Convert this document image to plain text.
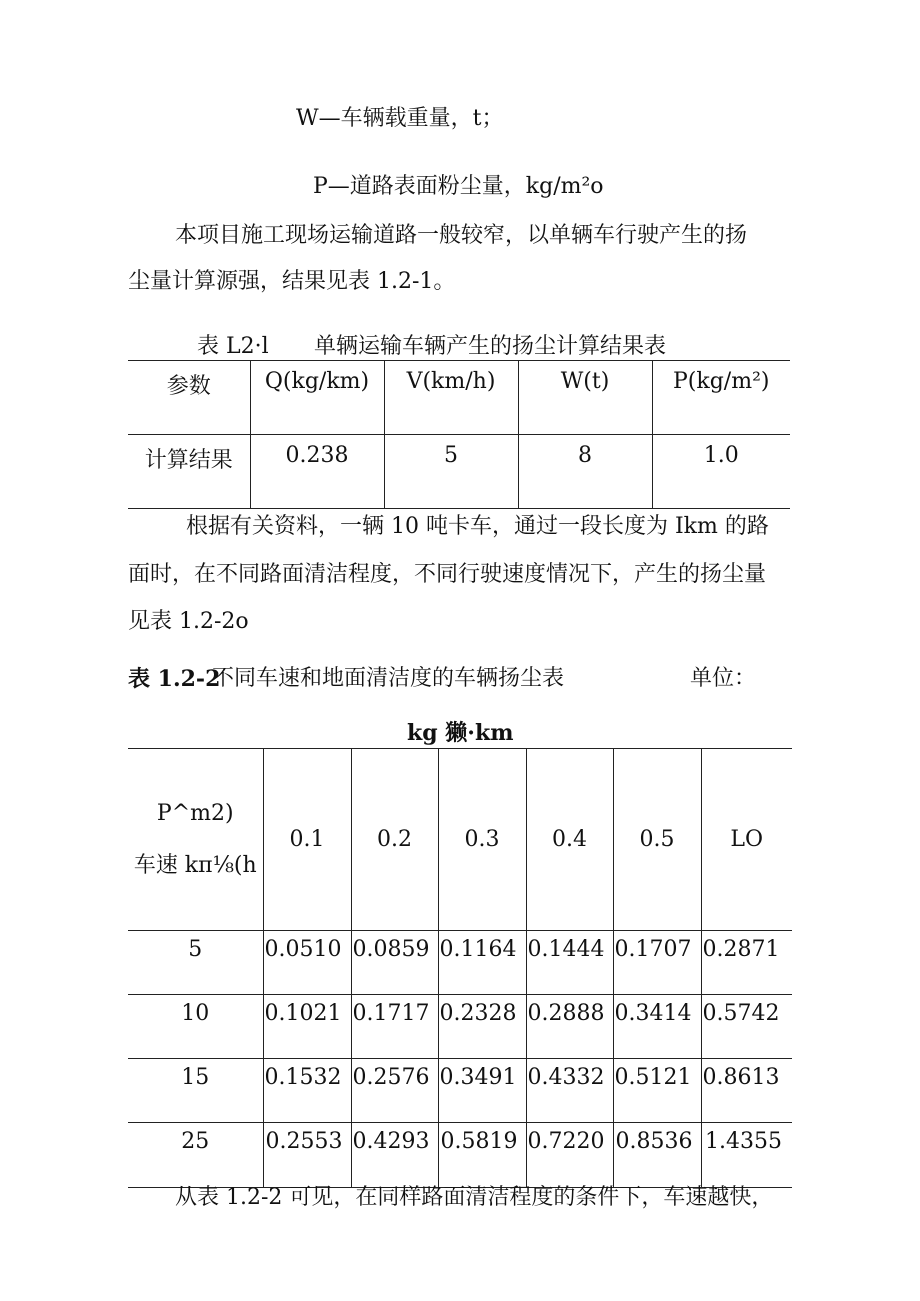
W—车辆载重量，t；
P—道路表面粉尘量，kg/m²o
本项目施工现场运输道路一般较窄，以单辆车行驶产生的扬
尘量计算源强，结果见表 1.2-1。
表 L2·l 单辆运输车辆产生的扬尘计算结果表
参数	Q(kg/km)	V(km/h)	W(t)	P(kg/m²)
计算结果	0.238	5	8	1.0
根据有关资料，一辆 10 吨卡车，通过一段长度为 Ikm 的路
面时，在不同路面清洁程度，不同行驶速度情况下，产生的扬尘量
见表 1.2-2o
表 1.2-2
不同车速和地面清洁度的车辆扬尘表	单位：
kg 獭·km
P^m2)
车速 kπ⅛(h	0.1	0.2	0.3	0.4	0.5	LO
5	0.0510	0.0859	0.1164	0.1444	0.1707	0.2871
10	0.1021	0.1717	0.2328	0.2888	0.3414	0.5742
15	0.1532	0.2576	0.3491	0.4332	0.5121	0.8613
25	0.2553	0.4293	0.5819	0.7220	0.8536	1.4355
从表 1.2-2 可见，在同样路面清洁程度的条件下，车速越快，
